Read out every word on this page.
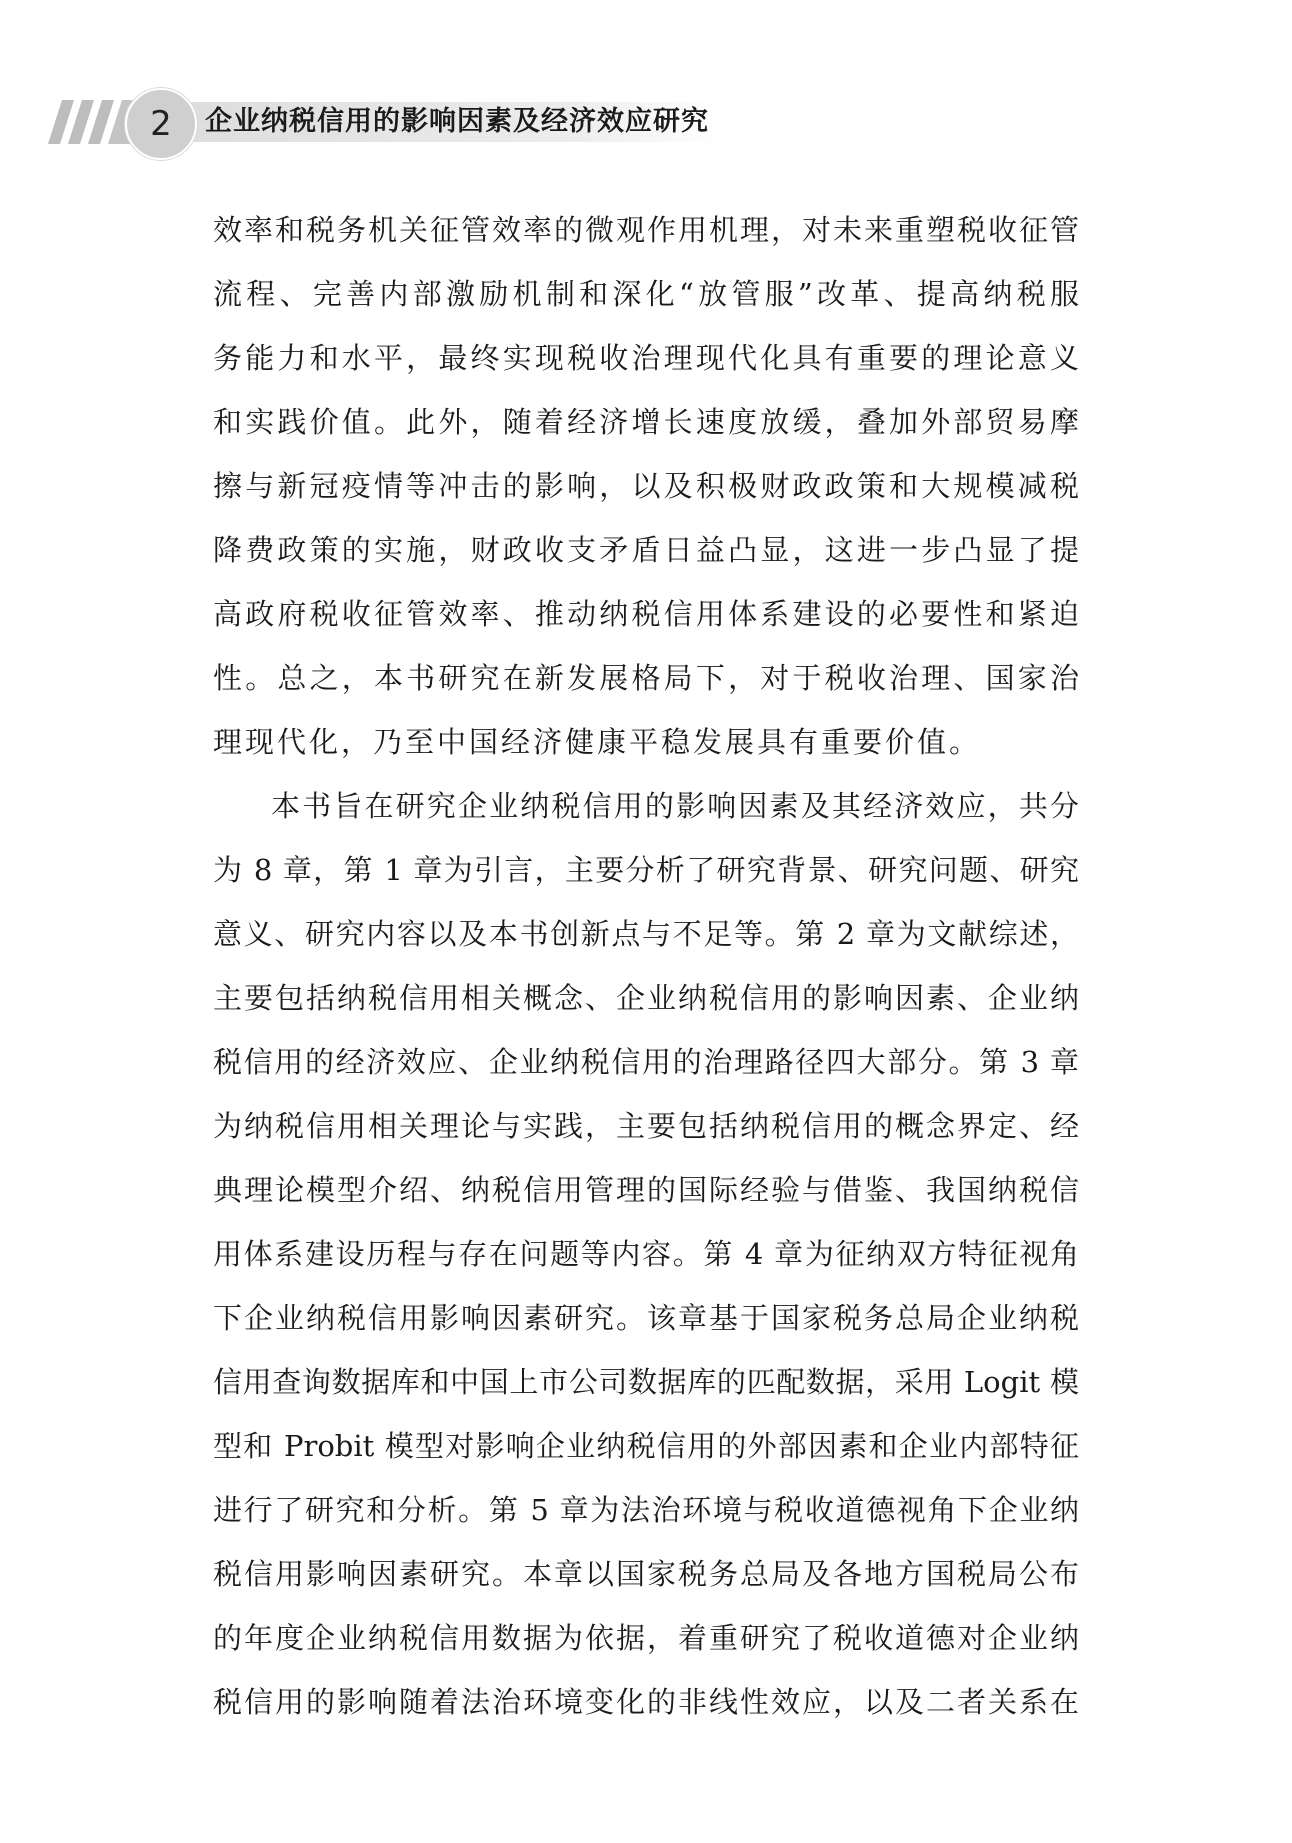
2 企业纳税信用的影响因素及经济效应研究
效率和税务机关征管效率的微观作用机理，对未来重塑税收征管
流程、完善内部激励机制和深化“放管服”改革、提高纳税服
务能力和水平，最终实现税收治理现代化具有重要的理论意义
和实践价值。此外，随着经济增长速度放缓，叠加外部贸易摩
擦与新冠疫情等冲击的影响，以及积极财政政策和大规模减税
降费政策的实施，财政收支矛盾日益凸显，这进一步凸显了提
高政府税收征管效率、推动纳税信用体系建设的必要性和紧迫
性。总之，本书研究在新发展格局下，对于税收治理、国家治
理现代化，乃至中国经济健康平稳发展具有重要价值。
本书旨在研究企业纳税信用的影响因素及其经济效应，共分
为 8 章，第 1 章为引言，主要分析了研究背景、研究问题、研究
意义、研究内容以及本书创新点与不足等。第 2 章为文献综述，
主要包括纳税信用相关概念、企业纳税信用的影响因素、企业纳
税信用的经济效应、企业纳税信用的治理路径四大部分。第 3 章
为纳税信用相关理论与实践，主要包括纳税信用的概念界定、经
典理论模型介绍、纳税信用管理的国际经验与借鉴、我国纳税信
用体系建设历程与存在问题等内容。第 4 章为征纳双方特征视角
下企业纳税信用影响因素研究。该章基于国家税务总局企业纳税
信用查询数据库和中国上市公司数据库的匹配数据，采用 Logit 模
型和 Probit 模型对影响企业纳税信用的外部因素和企业内部特征
进行了研究和分析。第 5 章为法治环境与税收道德视角下企业纳
税信用影响因素研究。本章以国家税务总局及各地方国税局公布
的年度企业纳税信用数据为依据，着重研究了税收道德对企业纳
税信用的影响随着法治环境变化的非线性效应，以及二者关系在
